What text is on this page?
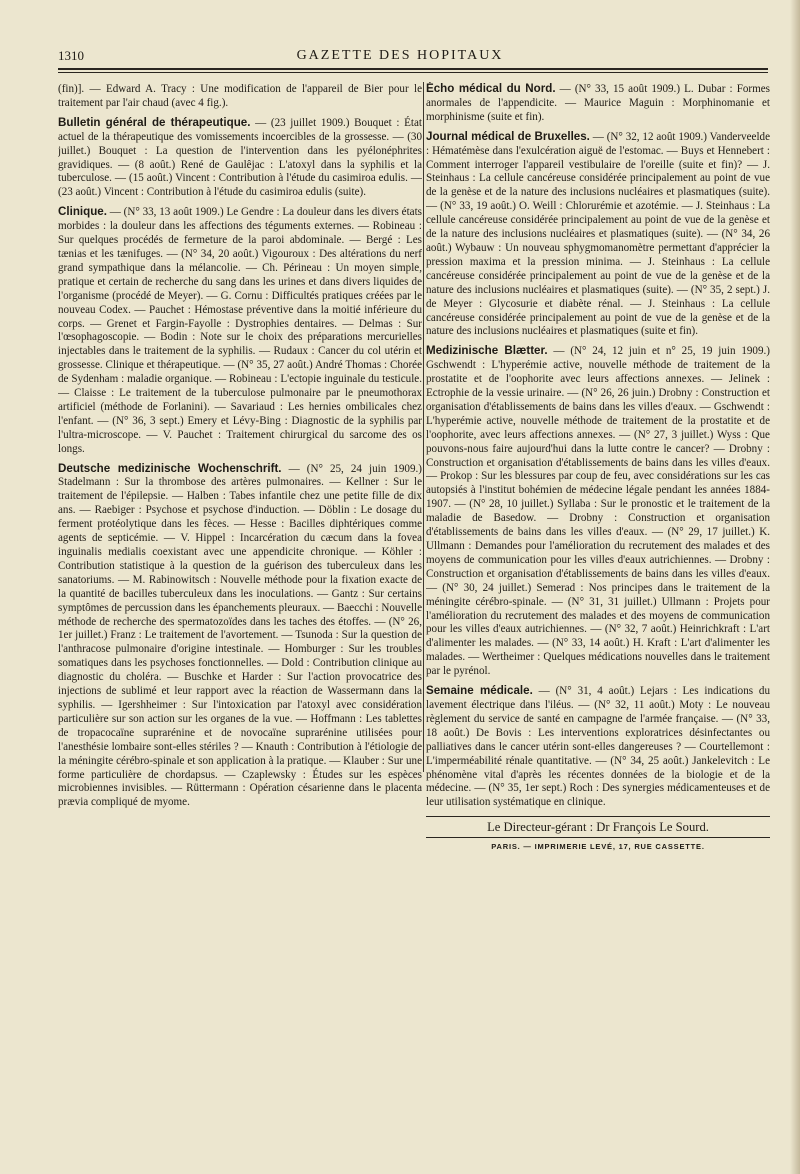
1310	GAZETTE DES HOPITAUX

(fin)]. — Edward A. Tracy : Une modification de l'appareil de Bier pour le traitement par l'air chaud (avec 4 fig.).

Bulletin général de thérapeutique. — (23 juillet 1909.) Bouquet : État actuel de la thérapeutique des vomissements incoercibles de la grossesse. — (30 juillet.) Bouquet : La question de l'intervention dans les pyélonéphrites gravidiques. — (8 août.) René de Gaulêjac : L'atoxyl dans la syphilis et la tuberculose. — (15 août.) Vincent : Contribution à l'étude du casimiroa edulis. — (23 août.) Vincent : Contribution à l'étude du casimiroa edulis (suite).

Clinique. — (N° 33, 13 août 1909.) Le Gendre : La douleur dans les divers états morbides : la douleur dans les affections des téguments externes. — Robineau : Sur quelques procédés de fermeture de la paroi abdominale. — Bergé : Les tænias et les tænifuges. — (N° 34, 20 août.) Vigouroux : Des altérations du nerf grand sympathique dans la mélancolie. — Ch. Périneau : Un moyen simple, pratique et certain de recherche du sang dans les urines et dans divers liquides de l'organisme (procédé de Meyer). — G. Cornu : Difficultés pratiques créées par le nouveau Codex. — Pauchet : Hémostase préventive dans la moitié inférieure du corps. — Grenet et Fargin-Fayolle : Dystrophies dentaires. — Delmas : Sur l'œsophagoscopie. — Bodin : Note sur le choix des préparations mercurielles injectables dans le traitement de la syphilis. — Rudaux : Cancer du col utérin et grossesse. Clinique et thérapeutique. — (N° 35, 27 août.) André Thomas : Chorée de Sydenham : maladie organique. — Robineau : L'ectopie inguinale du testicule. — Claisse : Le traitement de la tuberculose pulmonaire par le pneumothorax artificiel (méthode de Forlanini). — Savariaud : Les hernies ombilicales chez l'enfant. — (N° 36, 3 sept.) Emery et Lévy-Bing : Diagnostic de la syphilis par l'ultra-microscope. — V. Pauchet : Traitement chirurgical du sarcome des os longs.

Deutsche medizinische Wochenschrift. — (N° 25, 24 juin 1909.) Stadelmann : Sur la thrombose des artères pulmonaires. — Kellner : Sur le traitement de l'épilepsie. — Halben : Tabes infantile chez une petite fille de dix ans. — Raebiger : Psychose et psychose d'induction. — Döblin : Le dosage du ferment protéolytique dans les fèces. — Hesse : Bacilles diphtériques comme agents de septicémie. — V. Hippel : Incarcération du cæcum dans la fovea inguinalis medialis coexistant avec une appendicite chronique. — Köhler : Contribution statistique à la question de la guérison des tuberculeux dans les sanatoriums. — M. Rabinowitsch : Nouvelle méthode pour la fixation exacte de la quantité de bacilles tuberculeux dans les inoculations. — Gantz : Sur certains symptômes de percussion dans les épanchements pleuraux. — Baecchi : Nouvelle méthode de recherche des spermatozoïdes dans les taches des étoffes. — (N° 26, 1er juillet.) Franz : Le traitement de l'avortement. — Tsunoda : Sur la question de l'anthracose pulmonaire d'origine intestinale. — Homburger : Sur les troubles somatiques dans les psychoses fonctionnelles. — Dold : Contribution clinique au diagnostic du choléra. — Buschke et Harder : Sur l'action provocatrice des injections de sublimé et leur rapport avec la réaction de Wassermann dans la syphilis. — Igershheimer : Sur l'intoxication par l'atoxyl avec considération particulière sur son action sur les organes de la vue. — Hoffmann : Les tablettes de tropacocaïne suprarénine et de novocaïne suprarénine utilisées pour l'anesthésie lombaire sont-elles stériles ? — Knauth : Contribution à l'étiologie de la méningite cérébro-spinale et son application à la pratique. — Klauber : Sur une forme particulière de chordapsus. — Czaplewsky : Études sur les espèces microbiennes invisibles. — Rüttermann : Opération césarienne dans le placenta prævia compliqué de myome.

Écho médical du Nord. — (N° 33, 15 août 1909.) L. Dubar : Formes anormales de l'appendicite. — Maurice Maguin : Morphinomanie et morphinisme (suite et fin).

Journal médical de Bruxelles. — (N° 32, 12 août 1909.) Vanderveelde : Hématémèse dans l'exulcération aiguë de l'estomac. — Buys et Hennebert : Comment interroger l'appareil vestibulaire de l'oreille (suite et fin)? — J. Steinhaus : La cellule cancéreuse considérée principalement au point de vue de la genèse et de la nature des inclusions nucléaires et plasmatiques (suite). — (N° 33, 19 août.) O. Weill : Chlorurémie et azotémie. — J. Steinhaus : La cellule cancéreuse considérée principalement au point de vue de la genèse et de la nature des inclusions nucléaires et plasmatiques (suite). — (N° 34, 26 août.) Wybauw : Un nouveau sphygmomanomètre permettant d'apprécier la pression maxima et la pression minima. — J. Steinhaus : La cellule cancéreuse considérée principalement au point de vue de la genèse et de la nature des inclusions nucléaires et plasmatiques (suite). — (N° 35, 2 sept.) J. de Meyer : Glycosurie et diabète rénal. — J. Steinhaus : La cellule cancéreuse considérée principalement au point de vue de la genèse et de la nature des inclusions nucléaires et plasmatiques (suite et fin).

Medizinische Blætter. — (N° 24, 12 juin et n° 25, 19 juin 1909.) Gschwendt : L'hyperémie active, nouvelle méthode de traitement de la prostatite et de l'oophorite avec leurs affections annexes. — Jelinek : Ectrophie de la vessie urinaire. — (N° 26, 26 juin.) Drobny : Construction et organisation d'établissements de bains dans les villes d'eaux. — Gschwendt : L'hyperémie active, nouvelle méthode de traitement de la prostatite et de l'oophorite, avec leurs affections annexes. — (N° 27, 3 juillet.) Wyss : Que pouvons-nous faire aujourd'hui dans la lutte contre le cancer? — Drobny : Construction et organisation d'établissements de bains dans les villes d'eaux. — Prokop : Sur les blessures par coup de feu, avec considérations sur les cas autopsiés à l'institut bohémien de médecine légale pendant les années 1884-1907. — (N° 28, 10 juillet.) Syllaba : Sur le pronostic et le traitement de la maladie de Basedow. — Drobny : Construction et organisation d'établissements de bains dans les villes d'eaux. — (N° 29, 17 juillet.) K. Ullmann : Demandes pour l'amélioration du recrutement des malades et des moyens de communication pour les villes d'eaux autrichiennes. — Drobny : Construction et organisation d'établissements de bains dans les villes d'eaux. — (N° 30, 24 juillet.) Semerad : Nos principes dans le traitement de la méningite cérébro-spinale. — (N° 31, 31 juillet.) Ullmann : Projets pour l'amélioration du recrutement des malades et des moyens de communication pour les villes d'eaux autrichiennes. — (N° 32, 7 août.) Heinrichkraft : L'art d'alimenter les malades. — (N° 33, 14 août.) H. Kraft : L'art d'alimenter les malades. — Wertheimer : Quelques médications nouvelles dans le traitement par le pyrénol.

Semaine médicale. — (N° 31, 4 août.) Lejars : Les indications du lavement électrique dans l'iléus. — (N° 32, 11 août.) Moty : Le nouveau règlement du service de santé en campagne de l'armée française. — (N° 33, 18 août.) De Bovis : Les interventions exploratrices désinfectantes ou palliatives dans le cancer utérin sont-elles dangereuses ? — Courtellemont : L'imperméabilité rénale quantitative. — (N° 34, 25 août.) Jankelevitch : Le phénomène vital d'après les récentes données de la biologie et de la médecine. — (N° 35, 1er sept.) Roch : Des synergies médicamenteuses et de leur utilisation systématique en clinique.

Le Directeur-gérant : Dr François Le Sourd.
PARIS. — IMPRIMERIE LEVÉ, 17, RUE CASSETTE.
